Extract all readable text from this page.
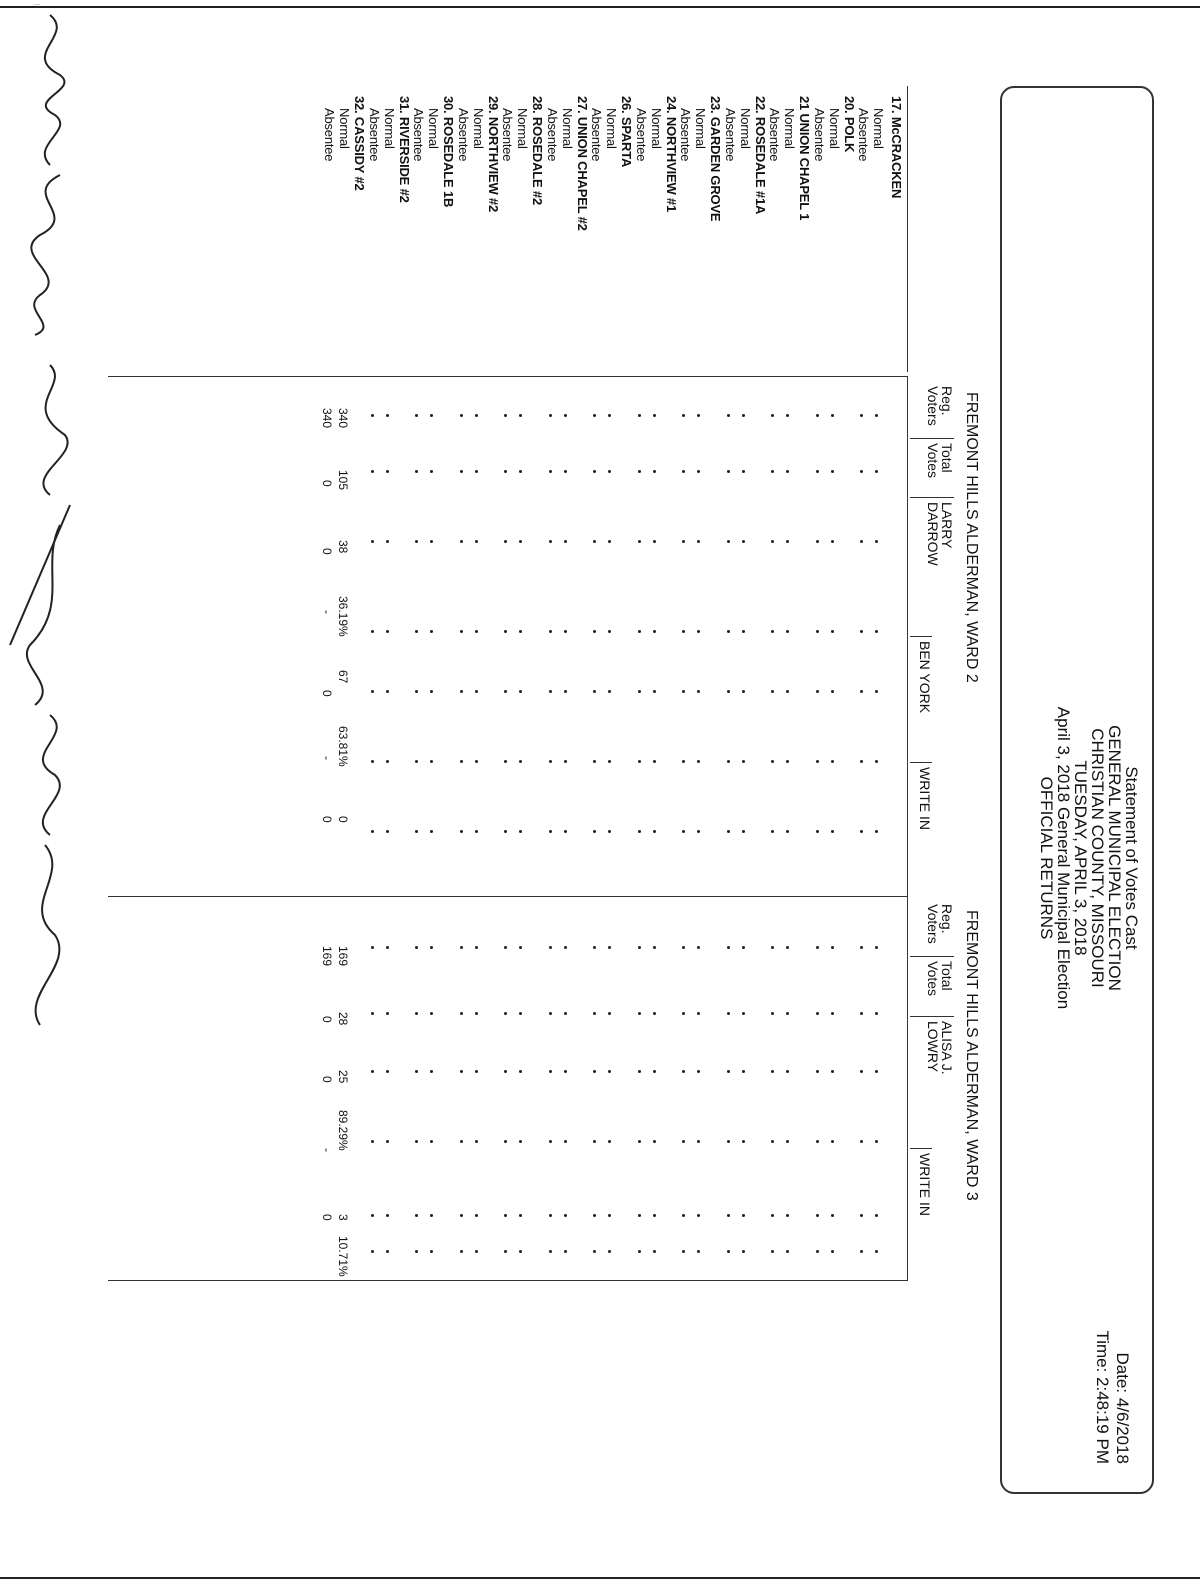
...
Statement of Votes Cast
GENERAL MUNICIPAL ELECTION
CHRISTIAN COUNTY, MISSOURI
TUESDAY, APRIL 3, 2018
April 3, 2018 General Municipal Election
OFFICIAL RETURNS
Date: 4/6/2018
Time: 2:48:19 PM
FREMONT HILLS ALDERMAN, WARD 2
FREMONT HILLS ALDERMAN, WARD 3
Reg.
Voters
Total
Votes
LARRY
DARROW
BEN YORK
WRITE IN
Reg.
Voters
Total
Votes
ALISA J.
LOWRY
WRITE IN
17. McCRACKEN
Normal
Absentee
20. POLK
Normal
Absentee
21 UNION CHAPEL 1
Normal
Absentee
22. ROSEDALE #1A
Normal
Absentee
23. GARDEN GROVE
Normal
Absentee
24. NORTHVIEW #1
Normal
Absentee
26. SPARTA
Normal
Absentee
27. UNION CHAPEL #2
Normal
Absentee
28. ROSEDALE #2
Normal
Absentee
29. NORTHVIEW #2
Normal
Absentee
30. ROSEDALE 1B
Normal
Absentee
31. RIVERSIDE #2
Normal
Absentee
32. CASSIDY #2
Normal
Absentee
340
105
38
36.19%
67
63.81%
0
340
0
0
-
0
-
0
169
28
25
89.29%
3
10.71%
169
0
0
-
0
